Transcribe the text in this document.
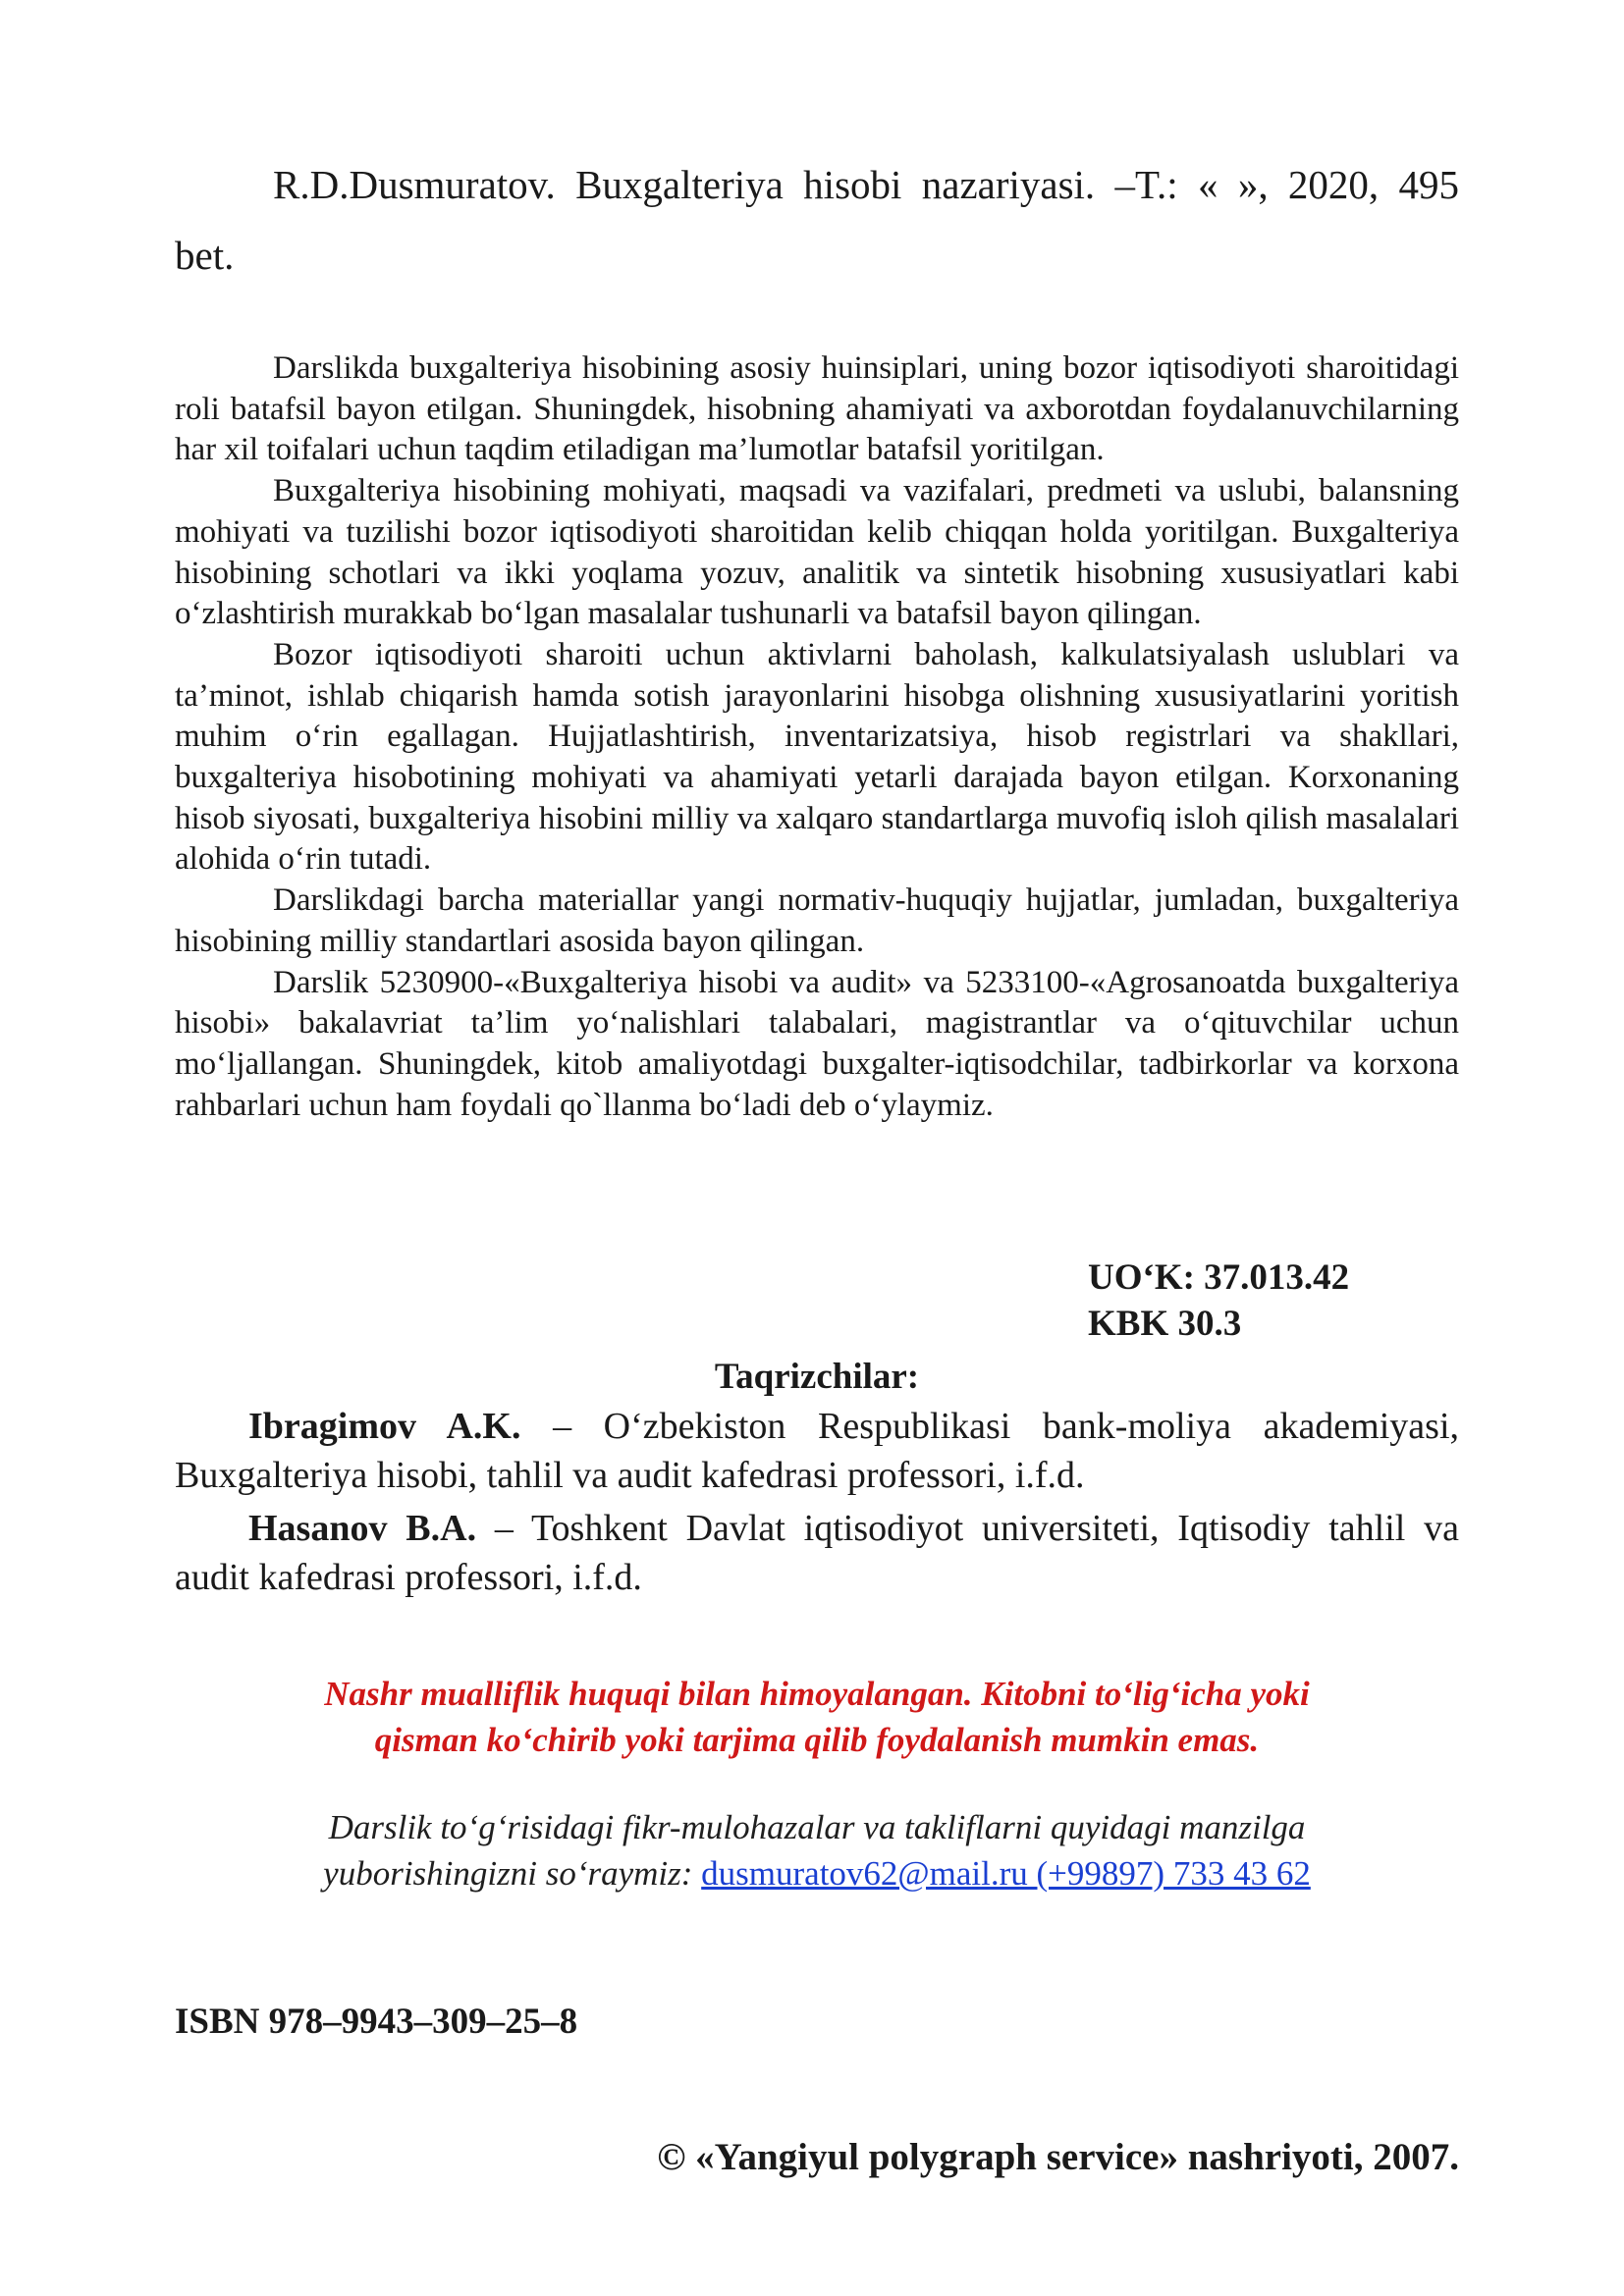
R.D.Dusmuratov. Buxgalteriya hisobi nazariyasi. –T.: « », 2020, 495
bet.

Darslikda buxgalteriya hisobining asosiy huinsiplari, uning bozor iqtisodiyoti sharoitidagi roli batafsil bayon etilgan. Shuningdek, hisobning ahamiyati va axborotdan foydalanuvchilarning har xil toifalari uchun taqdim etiladigan ma’lumotlar batafsil yoritilgan.

Buxgalteriya hisobining mohiyati, maqsadi va vazifalari, predmeti va uslubi, balansning mohiyati va tuzilishi bozor iqtisodiyoti sharoitidan kelib chiqqan holda yoritilgan. Buxgalteriya hisobining schotlari va ikki yoqlama yozuv, analitik va sintetik hisobning xususiyatlari kabi o‘zlashtirish murakkab bo‘lgan masalalar tushunarli va batafsil bayon qilingan.

Bozor iqtisodiyoti sharoiti uchun aktivlarni baholash, kalkulatsiyalash uslublari va ta’minot, ishlab chiqarish hamda sotish jarayonlarini hisobga olishning xususiyatlarini yoritish muhim o‘rin egallagan. Hujjatlashtirish, inventarizatsiya, hisob registrlari va shakllari, buxgalteriya hisobotining mohiyati va ahamiyati yetarli darajada bayon etilgan. Korxonaning hisob siyosati, buxgalteriya hisobini milliy va xalqaro standartlarga muvofiq isloh qilish masalalari alohida o‘rin tutadi.

Darslikdagi barcha materiallar yangi normativ-huquqiy hujjatlar, jumladan, buxgalteriya hisobining milliy standartlari asosida bayon qilingan.

Darslik 5230900-«Buxgalteriya hisobi va audit» va 5233100-«Agrosanoatda buxgalteriya hisobi» bakalavriat ta’lim yo‘nalishlari talabalari, magistrantlar va o‘qituvchilar uchun mo‘ljallangan. Shuningdek, kitob amaliyotdagi buxgalter-iqtisodchilar, tadbirkorlar va korxona rahbarlari uchun ham foydali qo`llanma bo‘ladi deb o‘ylaymiz.

UO‘K: 37.013.42
KBK 30.3
Taqrizchilar:
Ibragimov A.K. – O‘zbekiston Respublikasi bank-moliya akademiyasi, Buxgalteriya hisobi, tahlil va audit kafedrasi professori, i.f.d.
Hasanov B.A. – Toshkent Davlat iqtisodiyot universiteti, Iqtisodiy tahlil va audit kafedrasi professori, i.f.d.
Nashr mualliflik huquqi bilan himoyalangan. Kitobni to‘lig‘icha yoki
qisman ko‘chirib yoki tarjima qilib foydalanish mumkin emas.
Darslik to‘g‘risidagi fikr-mulohazalar va takliflarni quyidagi manzilga
yuborishingizni so‘raymiz: dusmuratov62@mail.ru (+99897) 733 43 62
ISBN 978–9943–309–25–8
© «Yangiyul polygraph service» nashriyoti, 2007.
